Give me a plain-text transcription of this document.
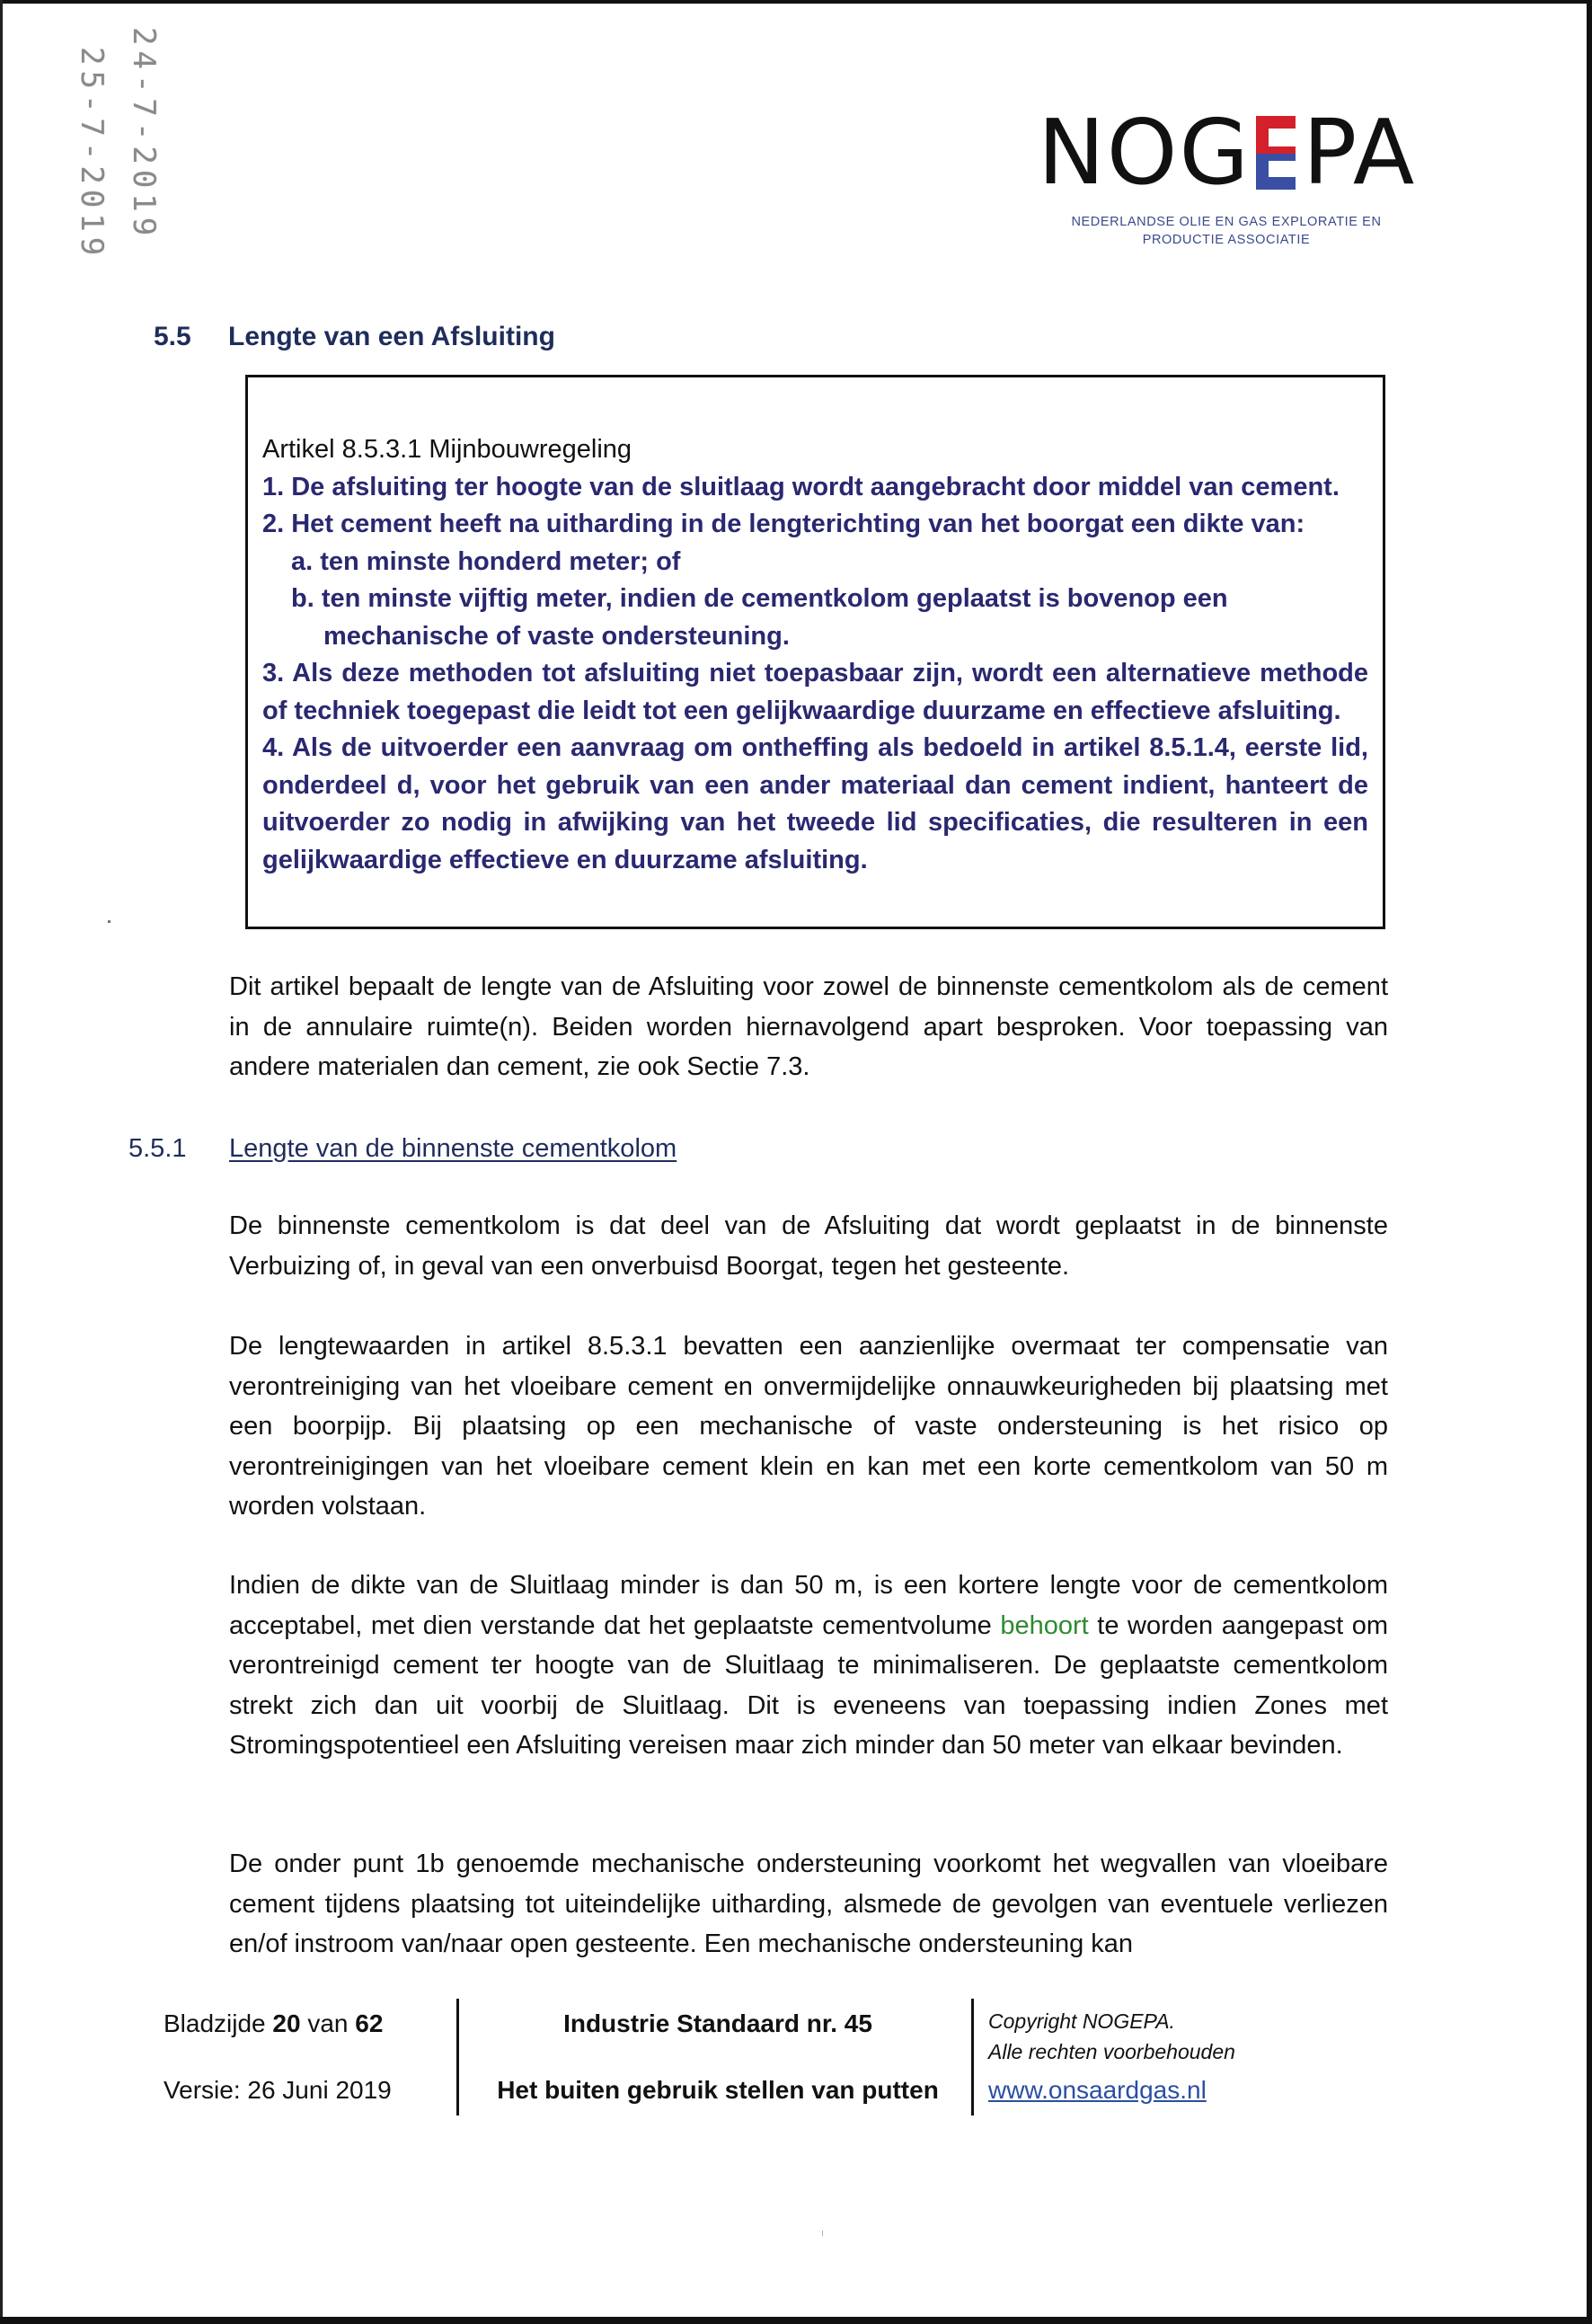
24-7-2019
25-7-2019	NOG PA
NEDERLANDSE OLIE EN GAS EXPLORATIE EN
PRODUCTIE ASSOCIATIE
5.5 Lengte van een Afsluiting
Artikel 8.5.3.1 Mijnbouwregeling
1. De afsluiting ter hoogte van de sluitlaag wordt aangebracht door middel van cement.
2. Het cement heeft na uitharding in de lengterichting van het boorgat een dikte van:
a. ten minste honderd meter; of
b. ten minste vijftig meter, indien de cementkolom geplaatst is bovenop een
mechanische of vaste ondersteuning.
3. Als deze methoden tot afsluiting niet toepasbaar zijn, wordt een alternatieve methode of techniek toegepast die leidt tot een gelijkwaardige duurzame en effectieve afsluiting.
4. Als de uitvoerder een aanvraag om ontheffing als bedoeld in artikel 8.5.1.4, eerste lid, onderdeel d, voor het gebruik van een ander materiaal dan cement indient, hanteert de uitvoerder zo nodig in afwijking van het tweede lid specificaties, die resulteren in een gelijkwaardige effectieve en duurzame afsluiting.

Dit artikel bepaalt de lengte van de Afsluiting voor zowel de binnenste cementkolom als de cement in de annulaire ruimte(n). Beiden worden hiernavolgend apart besproken. Voor toepassing van andere materialen dan cement, zie ook Sectie 7.3.

5.5.1 Lengte van de binnenste cementkolom

De binnenste cementkolom is dat deel van de Afsluiting dat wordt geplaatst in de binnenste Verbuizing of, in geval van een onverbuisd Boorgat, tegen het gesteente.

De lengtewaarden in artikel 8.5.3.1 bevatten een aanzienlijke overmaat ter compensatie van verontreiniging van het vloeibare cement en onvermijdelijke onnauwkeurigheden bij plaatsing met een boorpijp. Bij plaatsing op een mechanische of vaste ondersteuning is het risico op verontreinigingen van het vloeibare cement klein en kan met een korte cementkolom van 50 m worden volstaan.

Indien de dikte van de Sluitlaag minder is dan 50 m, is een kortere lengte voor de cementkolom acceptabel, met dien verstande dat het geplaatste cementvolume behoort te worden aangepast om verontreinigd cement ter hoogte van de Sluitlaag te minimaliseren. De geplaatste cementkolom strekt zich dan uit voorbij de Sluitlaag. Dit is eveneens van toepassing indien Zones met Stromingspotentieel een Afsluiting vereisen maar zich minder dan 50 meter van elkaar bevinden.

De onder punt 1b genoemde mechanische ondersteuning voorkomt het wegvallen van vloeibare cement tijdens plaatsing tot uiteindelijke uitharding, alsmede de gevolgen van eventuele verliezen en/of instroom van/naar open gesteente. Een mechanische ondersteuning kan

Bladzijde 20 van 62
Versie: 26 Juni 2019
Industrie Standaard nr. 45
Het buiten gebruik stellen van putten
Copyright NOGEPA.
Alle rechten voorbehouden
www.onsaardgas.nl
